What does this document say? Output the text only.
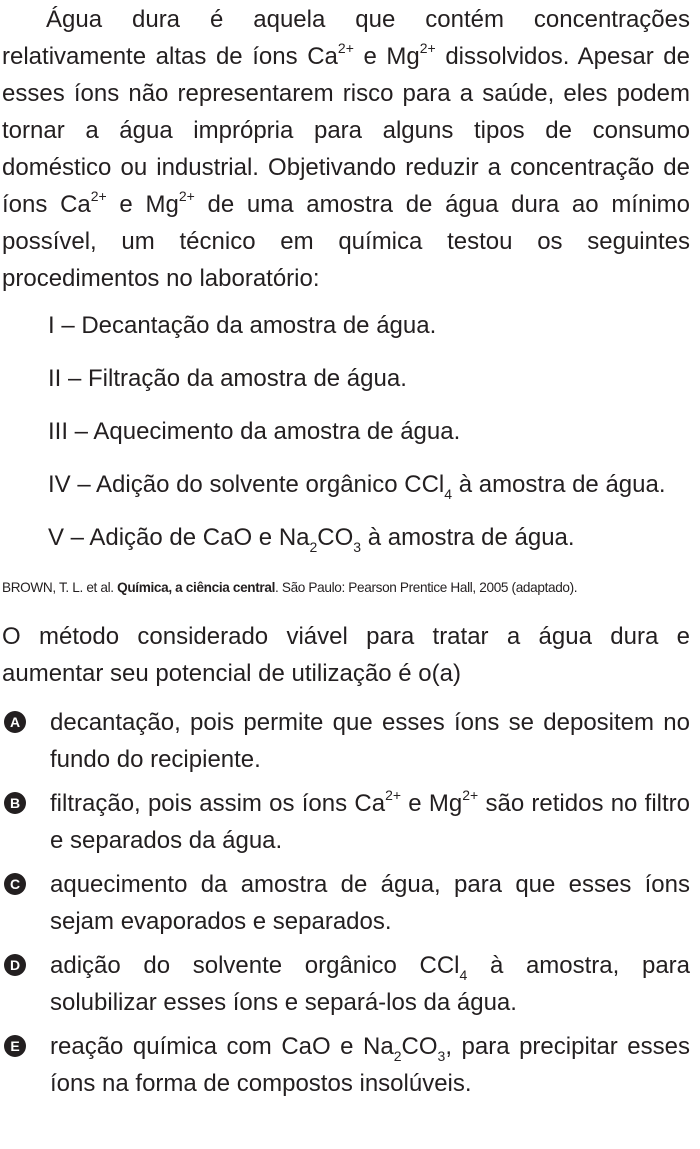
Água dura é aquela que contém concentrações relativamente altas de íons $Ca^{2+}$ e $Mg^{2+}$ dissolvidos. Apesar de esses íons não representarem risco para a saúde, eles podem tornar a água imprópria para alguns tipos de consumo doméstico ou industrial. Objetivando reduzir a concentração de íons $Ca^{2+}$ e $Mg^{2+}$ de uma amostra de água dura ao mínimo possível, um técnico em química testou os seguintes procedimentos no laboratório:

I – Decantação da amostra de água.

II – Filtração da amostra de água.

III – Aquecimento da amostra de água.

IV – Adição do solvente orgânico CCl$_4$ à amostra de água.

V – Adição de CaO e $Na_2CO_3$ à amostra de água.

BROWN, T. L. et al. Química, a ciência central. São Paulo: Pearson Prentice Hall, 2005 (adaptado).

O método considerado viável para tratar a água dura e aumentar seu potencial de utilização é o(a)

A decantação, pois permite que esses íons se depositem no fundo do recipiente.
B filtração, pois assim os íons $Ca^{2+}$ e $Mg^{2+}$ são retidos no filtro e separados da água.
C aquecimento da amostra de água, para que esses íons sejam evaporados e separados.
D adição do solvente orgânico CCl$_4$ à amostra, para solubilizar esses íons e separá-los da água.
E reação química com CaO e $Na_2CO_3$, para precipitar esses íons na forma de compostos insolúveis.
